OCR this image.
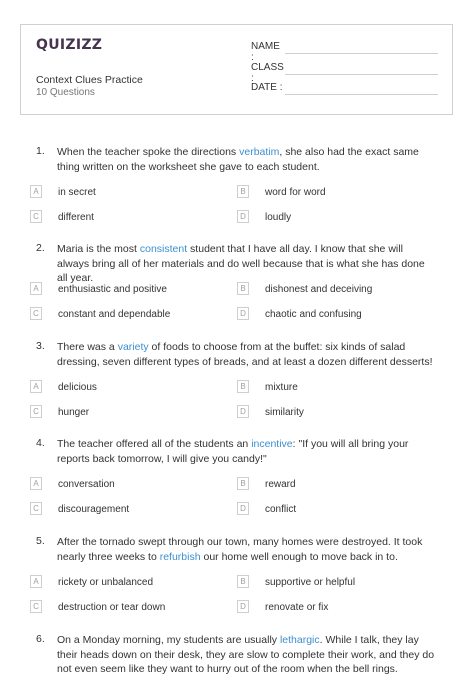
QUIZIZZ
Context Clues Practice
10 Questions
NAME :
CLASS :
DATE :
1. When the teacher spoke the directions verbatim, she also had the exact same thing written on the worksheet she gave to each student.
A	in secret	B	word for word
C	different	D	loudly
2. Maria is the most consistent student that I have all day. I know that she will always bring all of her materials and do well because that is what she has done all year.
A	enthusiastic and positive	B	dishonest and deceiving
C	constant and dependable	D	chaotic and confusing
3. There was a variety of foods to choose from at the buffet: six kinds of salad dressing, seven different types of breads, and at least a dozen different desserts!
A	delicious	B	mixture
C	hunger	D	similarity
4. The teacher offered all of the students an incentive: "If you will all bring your reports back tomorrow, I will give you candy!"
A	conversation	B	reward
C	discouragement	D	conflict
5. After the tornado swept through our town, many homes were destroyed. It took nearly three weeks to refurbish our home well enough to move back in to.
A	rickety or unbalanced	B	supportive or helpful
C	destruction or tear down	D	renovate or fix
6. On a Monday morning, my students are usually lethargic. While I talk, they lay their heads down on their desk, they are slow to complete their work, and they do not even seem like they want to hurry out of the room when the bell rings.
